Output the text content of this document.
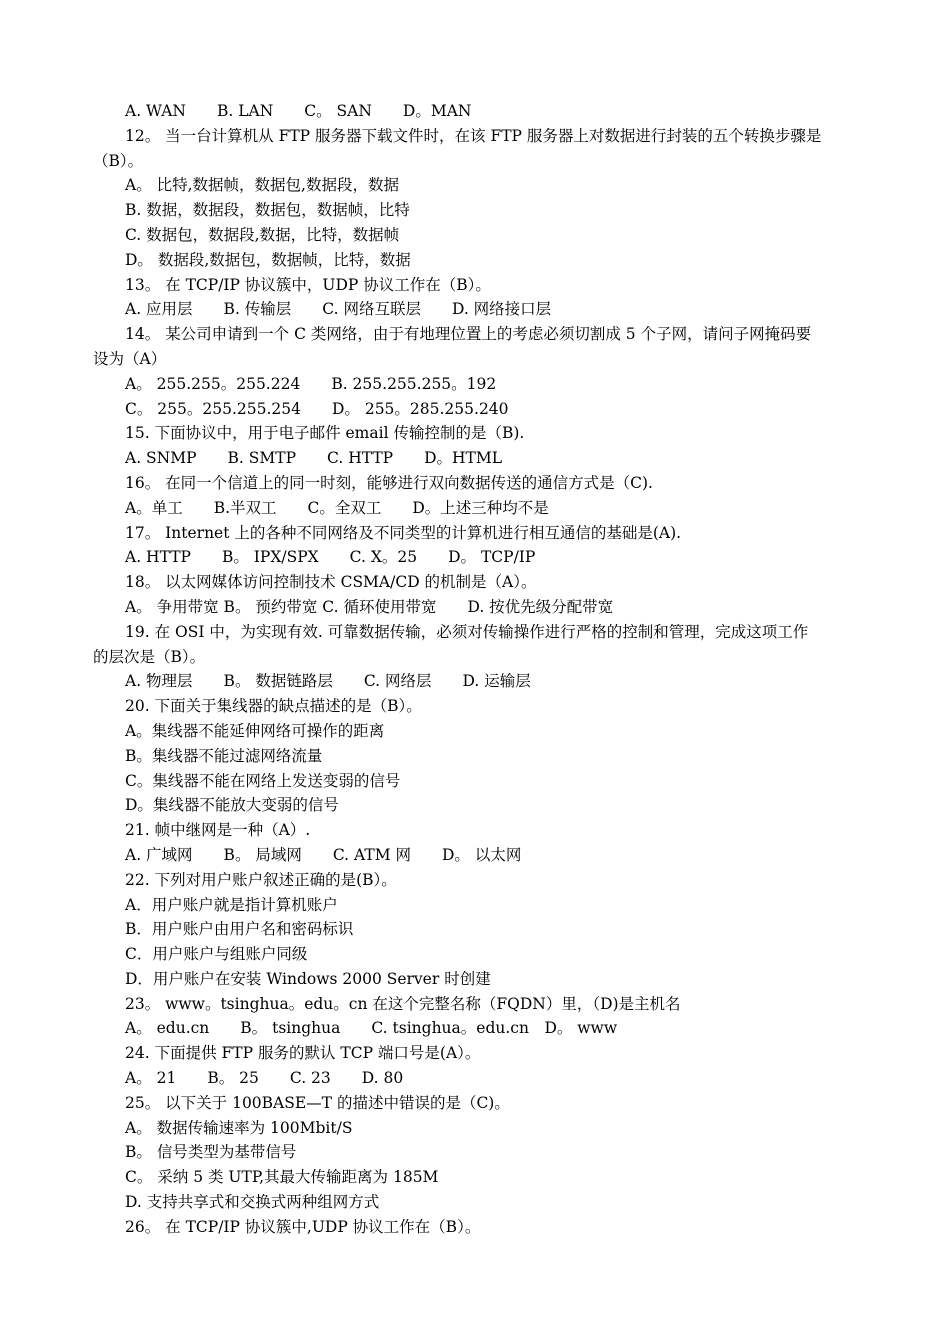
A. WAN　　B. LAN　　C。 SAN　　D。MAN
12。 当一台计算机从 FTP 服务器下载文件时，在该 FTP 服务器上对数据进行封装的五个转换步骤是
（B）。
A。 比特,数据帧，数据包,数据段，数据
B. 数据，数据段，数据包，数据帧，比特
C. 数据包，数据段,数据，比特，数据帧
D。 数据段,数据包，数据帧，比特，数据
13。 在 TCP/IP 协议簇中，UDP 协议工作在（B）。
A. 应用层　　B. 传输层　　C. 网络互联层　　D. 网络接口层
14。 某公司申请到一个 C 类网络，由于有地理位置上的考虑必须切割成 5 个子网，请问子网掩码要
设为（A）
A。 255.255。255.224　　B. 255.255.255。192
C。 255。255.255.254　　D。 255。285.255.240
15. 下面协议中，用于电子邮件 email 传输控制的是（B).
A. SNMP　　B. SMTP　　C. HTTP　　D。HTML
16。 在同一个信道上的同一时刻，能够进行双向数据传送的通信方式是（C).
A。单工　　B.半双工　　C。全双工　　D。上述三种均不是
17。 Internet 上的各种不同网络及不同类型的计算机进行相互通信的基础是(A).
A. HTTP　　B。 IPX/SPX　　C. X。25　　D。 TCP/IP
18。 以太网媒体访问控制技术 CSMA/CD 的机制是（A）。
A。 争用带宽 B。 预约带宽 C. 循环使用带宽　　D. 按优先级分配带宽
19. 在 OSI 中，为实现有效. 可靠数据传输，必须对传输操作进行严格的控制和管理，完成这项工作
的层次是（B）。
A. 物理层　　B。 数据链路层　　C. 网络层　　D. 运输层
20. 下面关于集线器的缺点描述的是（B）。
A。集线器不能延伸网络可操作的距离
B。集线器不能过滤网络流量
C。集线器不能在网络上发送变弱的信号
D。集线器不能放大变弱的信号
21. 帧中继网是一种（A）.
A. 广域网　　B。 局域网　　C. ATM 网　　D。 以太网
22. 下列对用户账户叙述正确的是(B）。
A．用户账户就是指计算机账户
B．用户账户由用户名和密码标识
C．用户账户与组账户同级
D．用户账户在安装 Windows 2000 Server 时创建
23。 www。tsinghua。edu。cn 在这个完整名称（FQDN）里，（D)是主机名
A。 edu.cn　　B。 tsinghua　　C. tsinghua。edu.cn　D。 www
24. 下面提供 FTP 服务的默认 TCP 端口号是(A）。
A。 21　　B。 25　　C. 23　　D. 80
25。 以下关于 100BASE—T 的描述中错误的是（C)。
A。 数据传输速率为 100Mbit/S
B。 信号类型为基带信号
C。 采纳 5 类 UTP,其最大传输距离为 185M
D. 支持共享式和交换式两种组网方式
26。 在 TCP/IP 协议簇中,UDP 协议工作在（B）。
